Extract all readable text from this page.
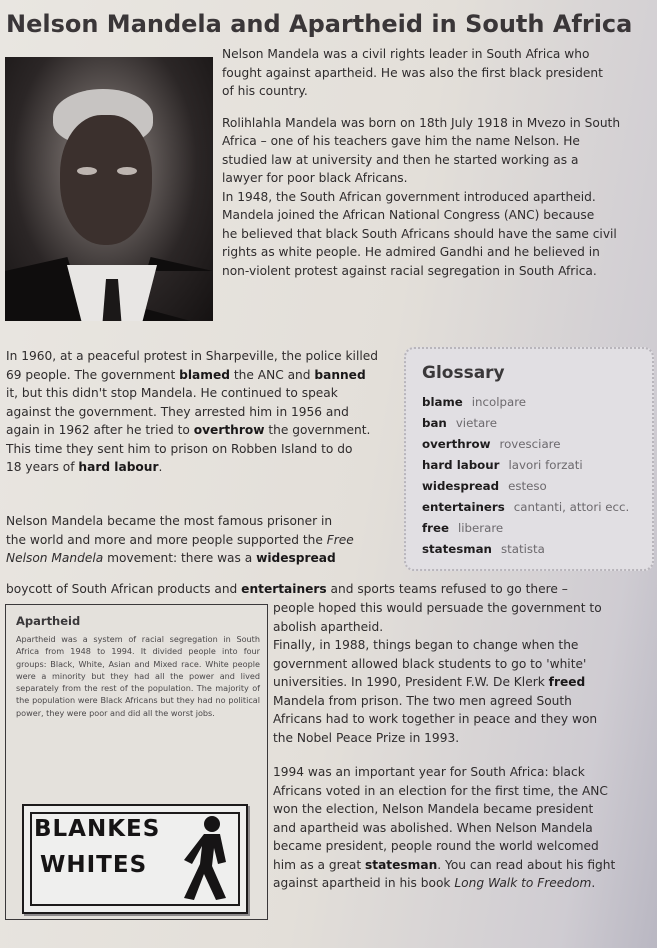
Nelson Mandela and Apartheid in South Africa

Nelson Mandela was a civil rights leader in South Africa who

fought against apartheid. He was also the first black president

of his country.

Rolihlahla Mandela was born on 18th July 1918 in Mvezo in South

Africa – one of his teachers gave him the name Nelson. He

studied law at university and then he started working as a

lawyer for poor black Africans.

In 1948, the South African government introduced apartheid.

Mandela joined the African National Congress (ANC) because

he believed that black South Africans should have the same civil

rights as white people. He admired Gandhi and he believed in

non-violent protest against racial segregation in South Africa.

In 1960, at a peaceful protest in Sharpeville, the police killed

69 people. The government blamed the ANC and banned

it, but this didn't stop Mandela. He continued to speak

against the government. They arrested him in 1956 and

again in 1962 after he tried to overthrow the government.

This time they sent him to prison on Robben Island to do

18 years of hard labour.

Nelson Mandela became the most famous prisoner in

the world and more and more people supported the Free

Nelson Mandela movement: there was a widespread

boycott of South African products and entertainers and sports teams refused to go there –

Glossary
blame incolpare
ban vietare
overthrow rovesciare
hard labour lavori forzati
widespread esteso
entertainers cantanti, attori ecc.
free liberare
statesman statista
Apartheid
Apartheid was a system of racial segregation in South Africa from 1948 to 1994. It divided people into four groups: Black, White, Asian and Mixed race. White people were a minority but they had all the power and lived separately from the rest of the population. The majority of the population were Black Africans but they had no political power, they were poor and did all the worst jobs.
BLANKES
WHITES

people hoped this would persuade the government to

abolish apartheid.

Finally, in 1988, things began to change when the

government allowed black students to go to 'white'

universities. In 1990, President F.W. De Klerk freed

Mandela from prison. The two men agreed South

Africans had to work together in peace and they won

the Nobel Peace Prize in 1993.

1994 was an important year for South Africa: black

Africans voted in an election for the first time, the ANC

won the election, Nelson Mandela became president

and apartheid was abolished. When Nelson Mandela

became president, people round the world welcomed

him as a great statesman. You can read about his fight

against apartheid in his book Long Walk to Freedom.
